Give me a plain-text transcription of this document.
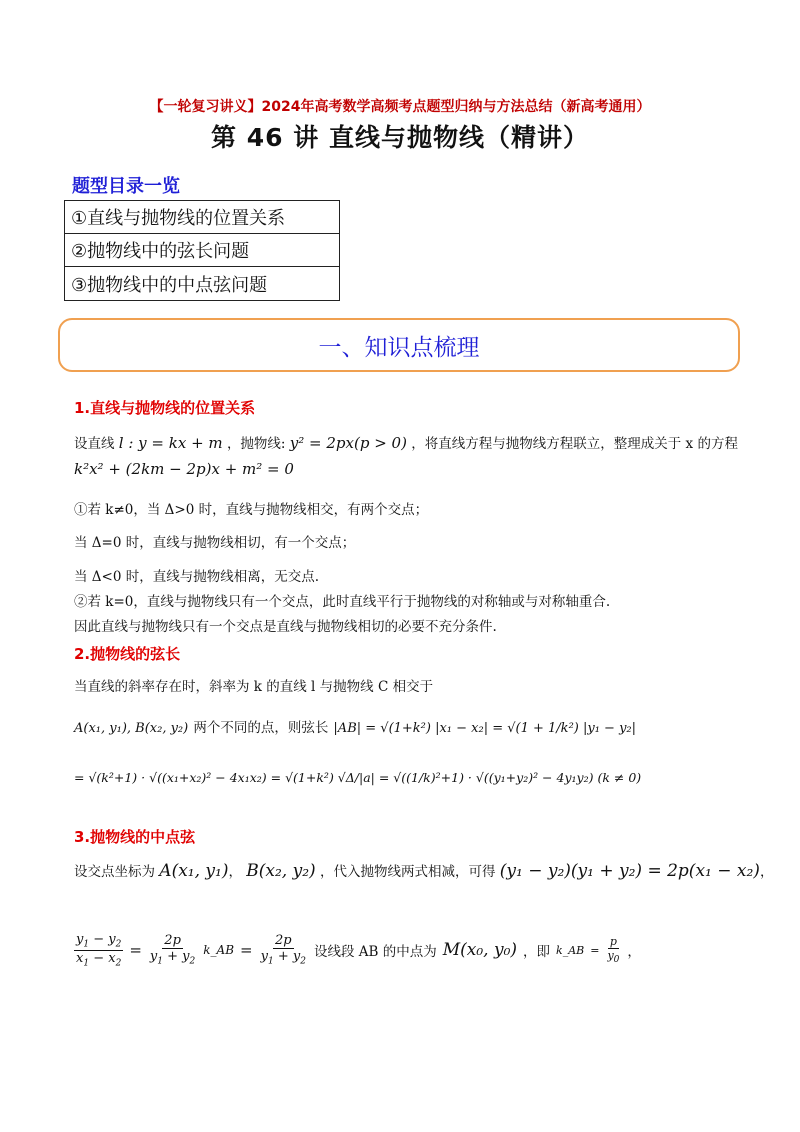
【一轮复习讲义】2024年高考数学高频考点题型归纳与方法总结（新高考通用）
第 46 讲 直线与抛物线（精讲）
题型目录一览
①直线与抛物线的位置关系
②抛物线中的弦长问题
③抛物线中的中点弦问题
一、知识点梳理
1.直线与抛物线的位置关系
设直线 l : y = kx + m ，抛物线: y² = 2px(p > 0) ，将直线方程与抛物线方程联立，整理成关于 x 的方程
k²x² + (2km − 2p)x + m² = 0
①若 k≠0，当 Δ>0 时，直线与抛物线相交，有两个交点；
当 Δ=0 时，直线与抛物线相切，有一个交点；
当 Δ<0 时，直线与抛物线相离，无交点.
②若 k=0，直线与抛物线只有一个交点，此时直线平行于抛物线的对称轴或与对称轴重合.
因此直线与抛物线只有一个交点是直线与抛物线相切的必要不充分条件.
2.抛物线的弦长
当直线的斜率存在时，斜率为 k 的直线 l 与抛物线 C 相交于
A(x₁, y₁), B(x₂, y₂) 两个不同的点，则弦长 |AB| = √(1+k²) |x₁ − x₂| = √(1 + 1/k²) |y₁ − y₂|
= √(k²+1) · √((x₁+x₂)² − 4x₁x₂) = √(1+k²) √Δ/|a| = √((1/k)²+1) · √((y₁+y₂)² − 4y₁y₂) (k ≠ 0)
3.抛物线的中点弦
设交点坐标为 A(x₁, y₁)， B(x₂, y₂) ，代入抛物线两式相减，可得 (y₁ − y₂)(y₁ + y₂) = 2p(x₁ − x₂)，
$\frac{y_1 - y_2}{x_1 - x_2} = \frac{2p}{y_1 + y_2}$ k_AB = $\frac{2p}{y_1 + y_2}$ 设线段 AB 的中点为 M(x₀, y₀) ，即 k_AB = $\frac{p}{y_0}$ ，
